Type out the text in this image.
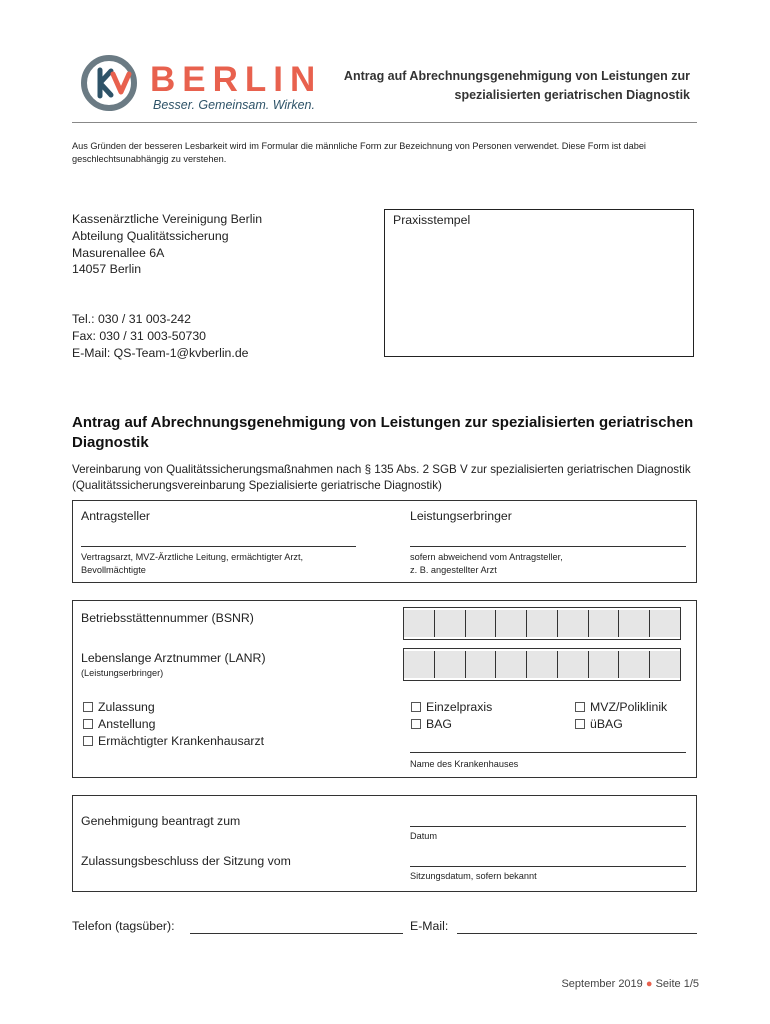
BERLIN
Besser. Gemeinsam. Wirken.
Antrag auf Abrechnungsgenehmigung von Leistungen zur
spezialisierten geriatrischen Diagnostik
Aus Gründen der besseren Lesbarkeit wird im Formular die männliche Form zur Bezeichnung von Personen verwendet. Diese Form ist dabei geschlechtsunabhängig zu verstehen.
Kassenärztliche Vereinigung Berlin
Abteilung Qualitätssicherung
Masurenallee 6A
14057 Berlin
Tel.: 030 / 31 003-242
Fax: 030 / 31 003-50730
E-Mail: QS-Team-1@kvberlin.de
Praxisstempel
Antrag auf Abrechnungsgenehmigung von Leistungen zur spezialisierten geriatrischen Diagnostik
Vereinbarung von Qualitätssicherungsmaßnahmen nach § 135 Abs. 2 SGB V zur spezialisierten geriatrischen Diagnostik (Qualitätssicherungsvereinbarung Spezialisierte geriatrische Diagnostik)
Antragsteller
Vertragsarzt, MVZ-Ärztliche Leitung, ermächtigter Arzt,
Bevollmächtigte
Leistungserbringer
sofern abweichend vom Antragsteller,
z. B. angestellter Arzt
Betriebsstättennummer (BSNR)
Lebenslange Arztnummer (LANR)
(Leistungserbringer)
Zulassung
Anstellung
Ermächtigter Krankenhausarzt
Einzelpraxis
BAG
MVZ/Poliklinik
üBAG
Name des Krankenhauses
Genehmigung beantragt zum
Datum
Zulassungsbeschluss der Sitzung vom
Sitzungsdatum, sofern bekannt
Telefon (tagsüber):	E-Mail:
September 2019 ● Seite 1/5
